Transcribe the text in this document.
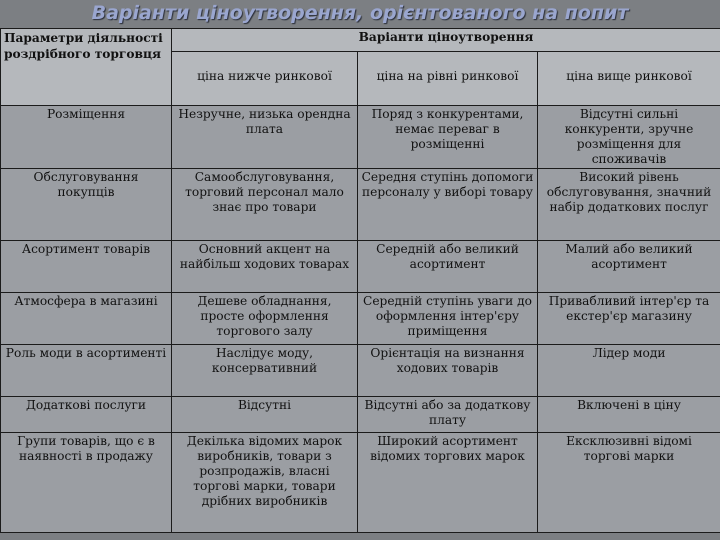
Варіанти ціноутворення, орієнтованого на попит
Параметри діяльності роздрібного торговця	Варіанти ціноутворення		
	ціна нижче ринкової	ціна на рівні ринкової	ціна вище ринкової
Розміщення	Незручне, низька орендна плата	Поряд з конкурентами, немає переваг в розміщенні	Відсутні сильні конкуренти, зручне розміщення для споживачів
Обслуговування покупців	Самообслуговування, торговий персонал мало знає про товари	Середня ступінь допомоги персоналу у виборі товару	Високий рівень обслуговування, значний набір додаткових послуг
Асортимент товарів	Основний акцент на найбільш ходових товарах	Середній або великий асортимент	Малий або великий асортимент
Атмосфера в магазині	Дешеве обладнання, просте оформлення торгового залу	Середній ступінь уваги до оформлення інтер'єру приміщення	Привабливий інтер'єр та екстер'єр магазину
Роль моди в асортименті	Наслідує моду, консервативний	Орієнтація на визнання ходових товарів	Лідер моди
Додаткові послуги	Відсутні	Відсутні або за додаткову плату	Включені в ціну
Групи товарів, що є в наявності в продажу	Декілька відомих марок виробників, товари з розпродажів, власні торгові марки, товари дрібних виробників	Широкий асортимент відомих торгових марок	Ексклюзивні відомі торгові марки
